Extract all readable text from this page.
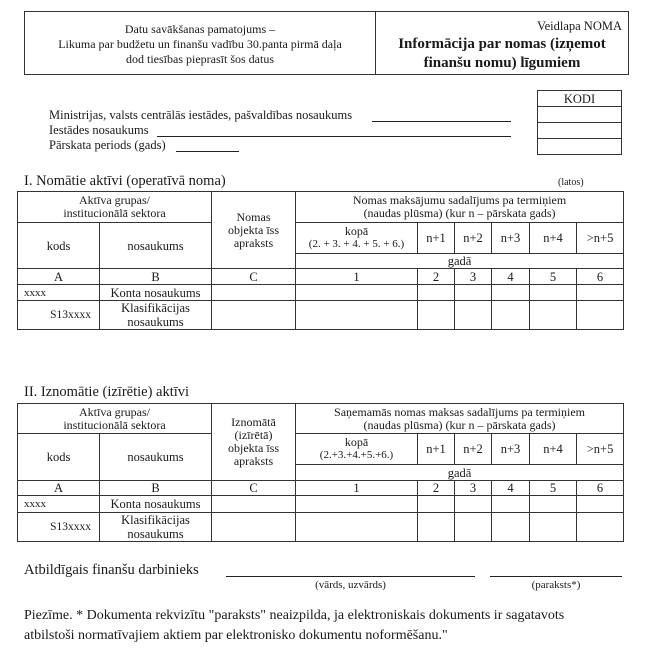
Datu savākšanas pamatojums –
Likuma par budžetu un finanšu vadību 30.panta pirmā daļa
dod tiesības pieprasīt šos datus
Veidlapa NOMA
Informācija par nomas (izņemot
finanšu nomu) līgumiem
Ministrijas, valsts centrālās iestādes, pašvaldības nosaukums
Iestādes nosaukums
Pārskata periods (gads)
KODI

I. Nomātie aktīvi (operatīvā noma)	(latos)
Aktīva grupas/
institucionālā sektora	Nomas
objekta īss
apraksts

Nomas maksājumu sadalījums pa termiņiem
(naudas plūsma) (kur n – pārskata gads)

kods	nosaukums		kopā
(2. + 3. + 4. + 5. + 6.)	n+1	n+2	n+3	n+4	>n+5
			gadā					
A	B	C	1	2	3	4	5	6
xxxx	Konta nosaukums							
S13xxxx	Klasifikācijas nosaukums							
II. Iznomātie (izīrētie) aktīvi
Aktīva grupas/
institucionālā sektora	Iznomātā
(izīrētā)
objekta īss
apraksts

Saņemamās nomas maksas sadalījums pa termiņiem
(naudas plūsma) (kur n – pārskata gads)

kods	nosaukums		kopā
(2.+3.+4.+5.+6.)	n+1	n+2	n+3	n+4	>n+5
			gadā					
A	B	C	1	2	3	4	5	6
xxxx	Konta nosaukums							
S13xxxx	Klasifikācijas nosaukums							
Atbildīgais finanšu darbinieks
(vārds, uzvārds)	(paraksts*)
Piezīme. * Dokumenta rekvizītu "paraksts" neaizpilda, ja elektroniskais dokuments ir sagatavots
atbilstoši normatīvajiem aktiem par elektronisko dokumentu noformēšanu."
